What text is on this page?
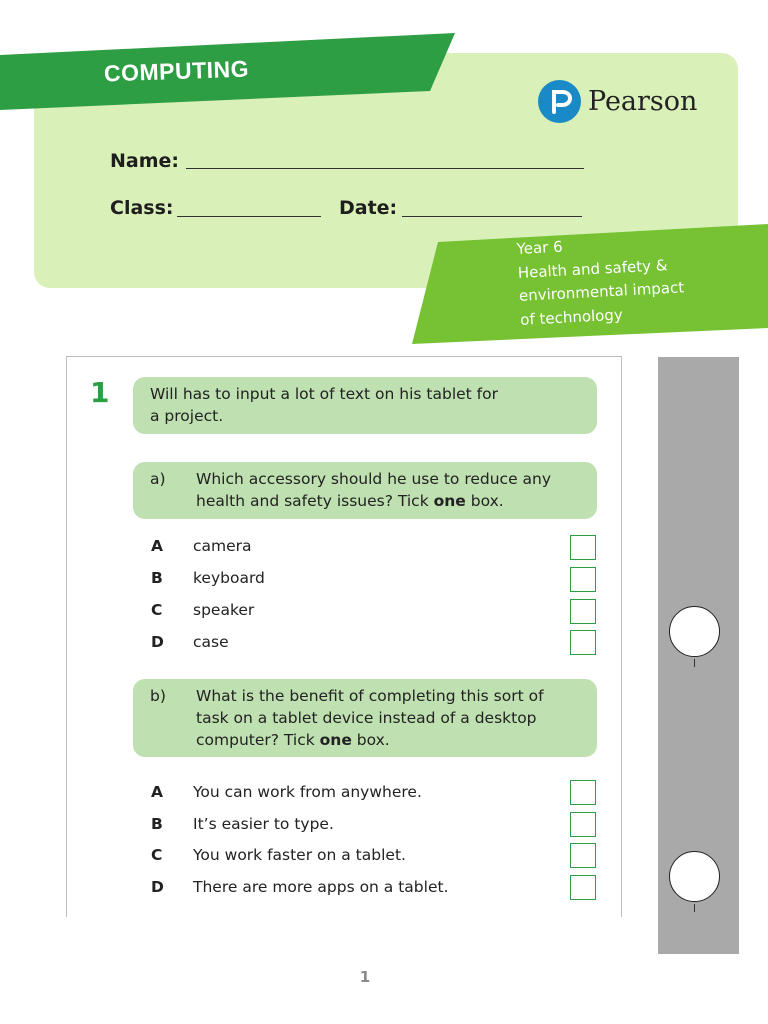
COMPUTING
Pearson
Name:
Class:	Date:
Year 6
Health and safety &
environmental impact
of technology
1	Will has to input a lot of text on his tablet for
a project.
a) Which accessory should he use to reduce any
health and safety issues? Tick one box.
A camera
B keyboard
C speaker
D case
b) What is the benefit of completing this sort of
task on a tablet device instead of a desktop
computer? Tick one box.
A You can work from anywhere.
B It’s easier to type.
C You work faster on a tablet.
D There are more apps on a tablet.
1
